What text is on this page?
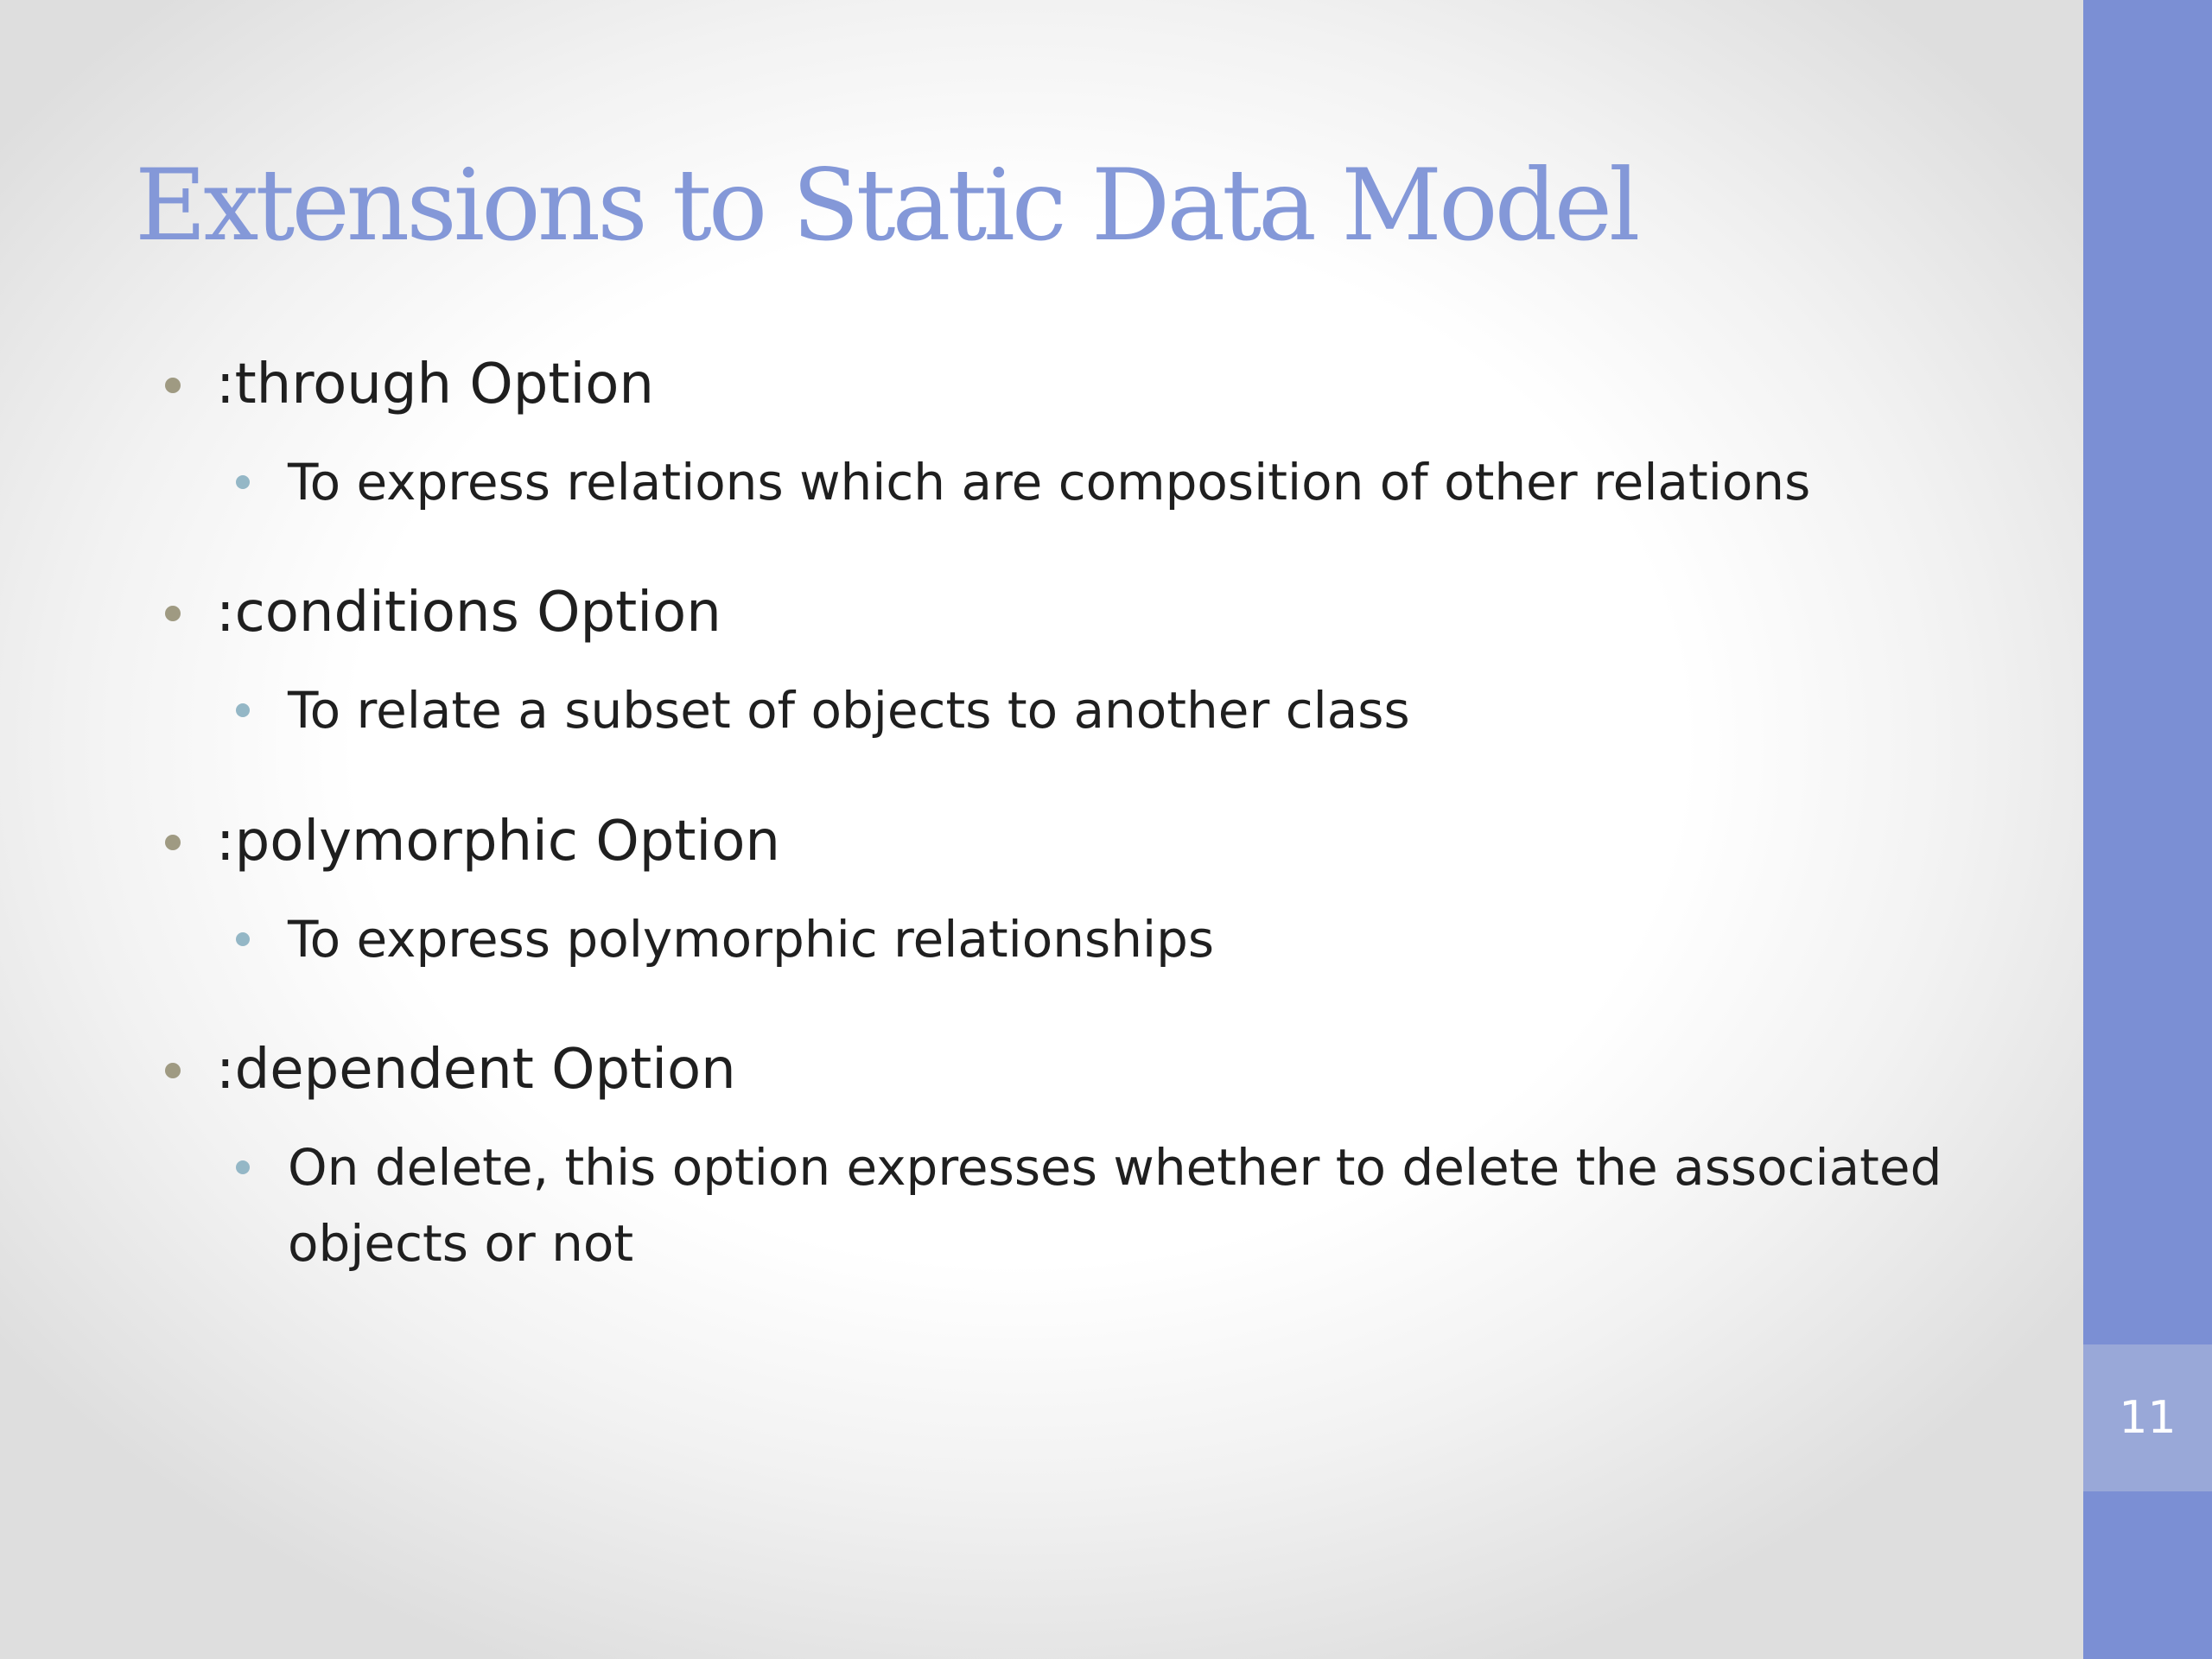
Extensions to Static Data Model
:through Option
To express relations which are composition of other relations
:conditions Option
To relate a subset of objects to another class
:polymorphic Option
To express polymorphic relationships
:dependent Option
On delete, this option expresses whether to delete the associated
objects or not
11
